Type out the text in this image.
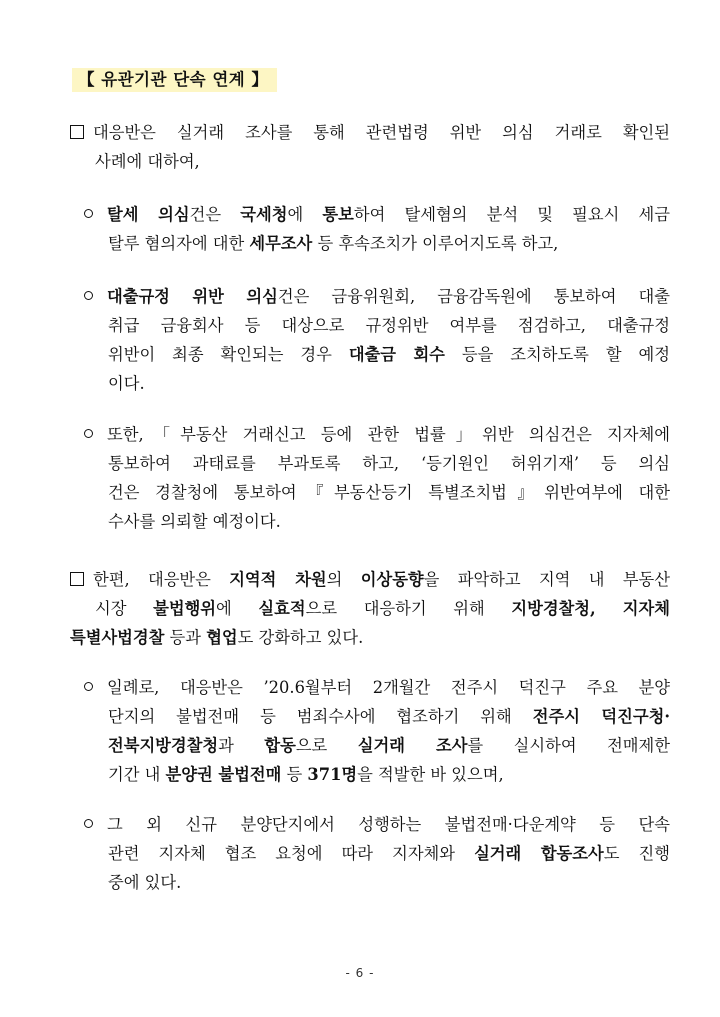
【 유관기관 단속 연계 】
대응반은 실거래 조사를 통해 관련법령 위반 의심 거래로 확인된
사례에 대하여,
탈세 의심건은 국세청에 통보하여 탈세혐의 분석 및 필요시 세금
탈루 혐의자에 대한 세무조사 등 후속조치가 이루어지도록 하고,
대출규정 위반 의심건은 금융위원회, 금융감독원에 통보하여 대출
취급 금융회사 등 대상으로 규정위반 여부를 점검하고, 대출규정
위반이 최종 확인되는 경우 대출금 회수 등을 조치하도록 할 예정
이다.
또한,「부동산 거래신고 등에 관한 법률」위반 의심건은 지자체에
통보하여 과태료를 부과토록 하고, ‘등기원인 허위기재’ 등 의심
건은 경찰청에 통보하여『부동산등기 특별조치법』위반여부에 대한
수사를 의뢰할 예정이다.
한편, 대응반은 지역적 차원의 이상동향을 파악하고 지역 내 부동산
시장 불법행위에 실효적으로 대응하기 위해 지방경찰청, 지자체
특별사법경찰 등과 협업도 강화하고 있다.
일례로, 대응반은 ’20.6월부터 2개월간 전주시 덕진구 주요 분양
단지의 불법전매 등 범죄수사에 협조하기 위해 전주시 덕진구청·
전북지방경찰청과 합동으로 실거래 조사를 실시하여 전매제한
기간 내 분양권 불법전매 등 371명을 적발한 바 있으며,
그 외 신규 분양단지에서 성행하는 불법전매·다운계약 등 단속
관련 지자체 협조 요청에 따라 지자체와 실거래 합동조사도 진행
중에 있다.
- 6 -
